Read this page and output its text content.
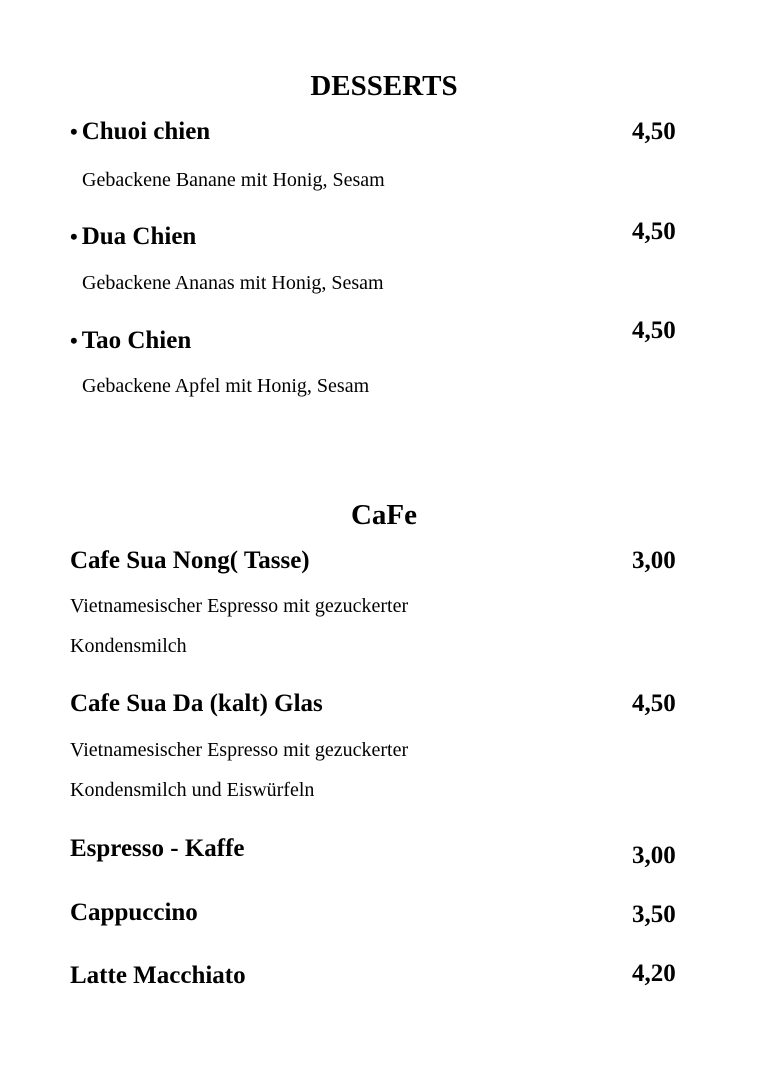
DESSERTS
• Chuoi chien	4,50
Gebackene Banane mit Honig, Sesam
• Dua Chien	4,50
Gebackene Ananas mit Honig, Sesam
• Tao Chien	4,50
Gebackene Apfel mit Honig, Sesam
CaFe
Cafe Sua Nong( Tasse)	3,00
Vietnamesischer Espresso mit gezuckerter
Kondensmilch
Cafe Sua Da (kalt) Glas	4,50
Vietnamesischer Espresso mit gezuckerter
Kondensmilch und Eiswürfeln
Espresso - Kaffe	3,00
Cappuccino	3,50
Latte Macchiato	4,20
